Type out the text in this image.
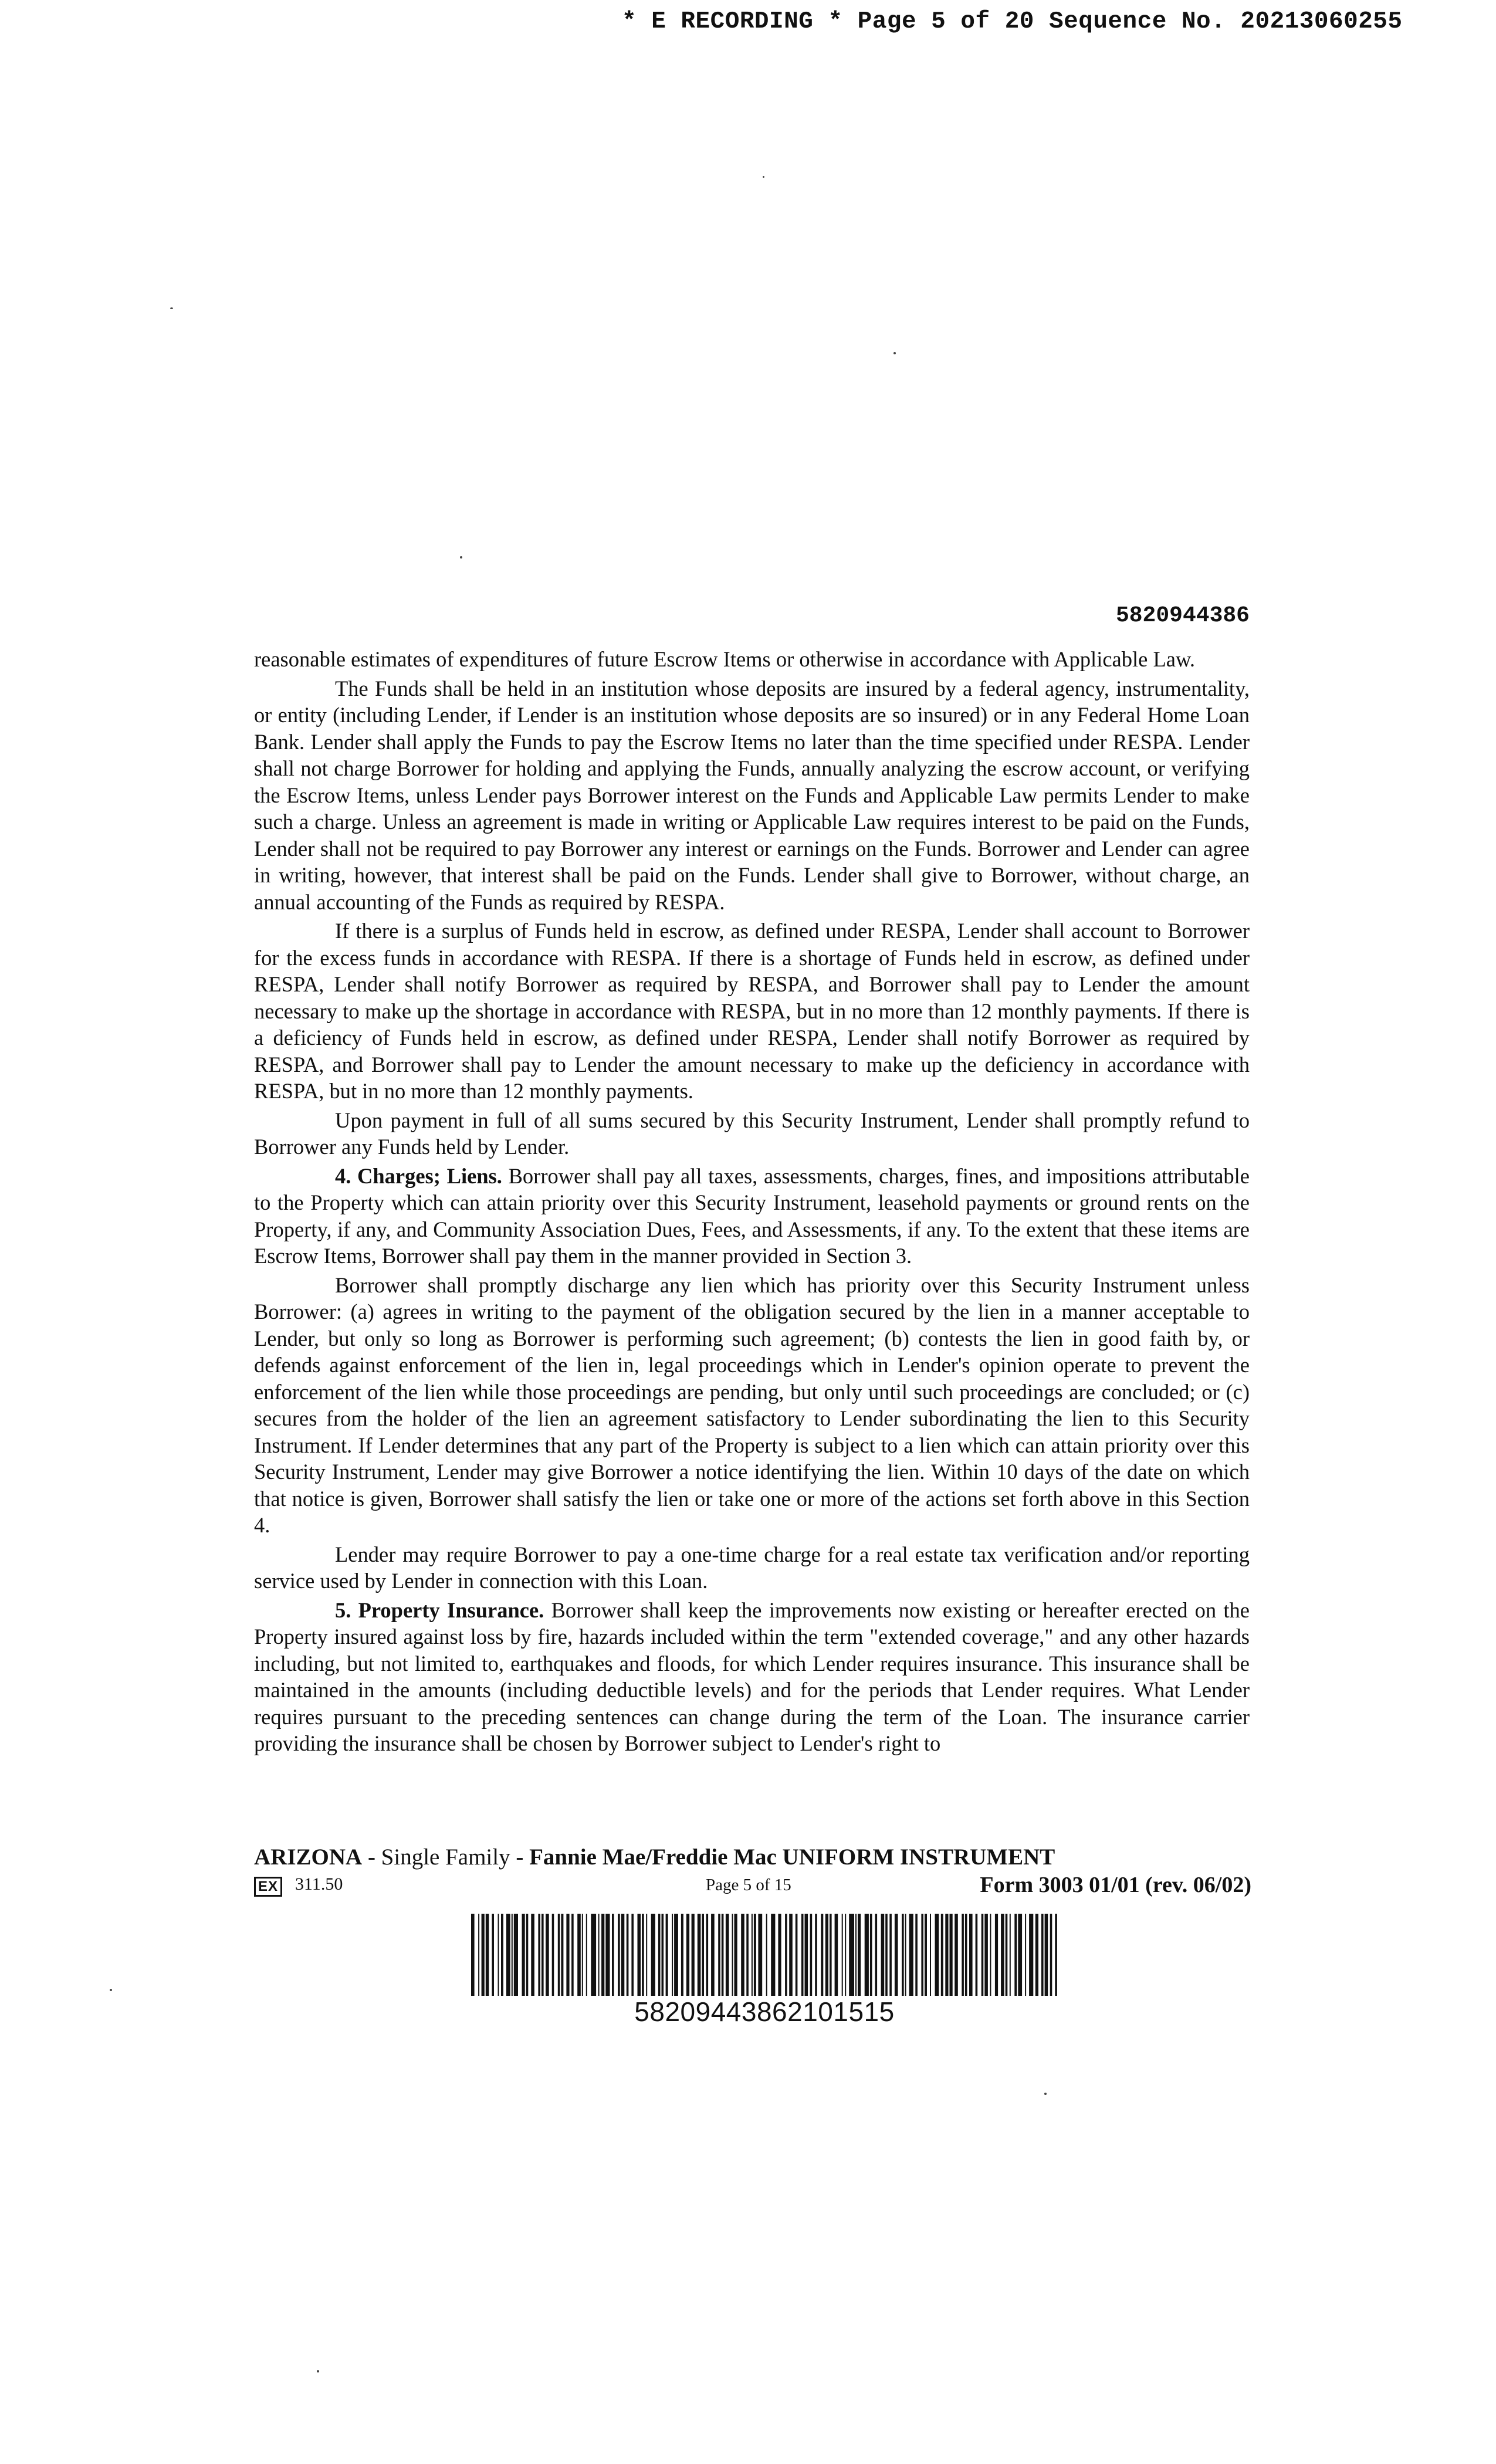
* E RECORDING * Page 5 of 20 Sequence No. 20213060255
5820944386

reasonable estimates of expenditures of future Escrow Items or otherwise in accordance with Applicable Law.

The Funds shall be held in an institution whose deposits are insured by a federal agency, instrumentality, or entity (including Lender, if Lender is an institution whose deposits are so insured) or in any Federal Home Loan Bank. Lender shall apply the Funds to pay the Escrow Items no later than the time specified under RESPA. Lender shall not charge Borrower for holding and applying the Funds, annually analyzing the escrow account, or verifying the Escrow Items, unless Lender pays Borrower interest on the Funds and Applicable Law permits Lender to make such a charge. Unless an agreement is made in writing or Applicable Law requires interest to be paid on the Funds, Lender shall not be required to pay Borrower any interest or earnings on the Funds. Borrower and Lender can agree in writing, however, that interest shall be paid on the Funds. Lender shall give to Borrower, without charge, an annual accounting of the Funds as required by RESPA.

If there is a surplus of Funds held in escrow, as defined under RESPA, Lender shall account to Borrower for the excess funds in accordance with RESPA. If there is a shortage of Funds held in escrow, as defined under RESPA, Lender shall notify Borrower as required by RESPA, and Borrower shall pay to Lender the amount necessary to make up the shortage in accordance with RESPA, but in no more than 12 monthly payments. If there is a deficiency of Funds held in escrow, as defined under RESPA, Lender shall notify Borrower as required by RESPA, and Borrower shall pay to Lender the amount necessary to make up the deficiency in accordance with RESPA, but in no more than 12 monthly payments.

Upon payment in full of all sums secured by this Security Instrument, Lender shall promptly refund to Borrower any Funds held by Lender.

4. Charges; Liens. Borrower shall pay all taxes, assessments, charges, fines, and impositions attributable to the Property which can attain priority over this Security Instrument, leasehold payments or ground rents on the Property, if any, and Community Association Dues, Fees, and Assessments, if any. To the extent that these items are Escrow Items, Borrower shall pay them in the manner provided in Section 3.

Borrower shall promptly discharge any lien which has priority over this Security Instrument unless Borrower: (a) agrees in writing to the payment of the obligation secured by the lien in a manner acceptable to Lender, but only so long as Borrower is performing such agreement; (b) contests the lien in good faith by, or defends against enforcement of the lien in, legal proceedings which in Lender's opinion operate to prevent the enforcement of the lien while those proceedings are pending, but only until such proceedings are concluded; or (c) secures from the holder of the lien an agreement satisfactory to Lender subordinating the lien to this Security Instrument. If Lender determines that any part of the Property is subject to a lien which can attain priority over this Security Instrument, Lender may give Borrower a notice identifying the lien. Within 10 days of the date on which that notice is given, Borrower shall satisfy the lien or take one or more of the actions set forth above in this Section 4.

Lender may require Borrower to pay a one-time charge for a real estate tax verification and/or reporting service used by Lender in connection with this Loan.

5. Property Insurance. Borrower shall keep the improvements now existing or hereafter erected on the Property insured against loss by fire, hazards included within the term "extended coverage," and any other hazards including, but not limited to, earthquakes and floods, for which Lender requires insurance. This insurance shall be maintained in the amounts (including deductible levels) and for the periods that Lender requires. What Lender requires pursuant to the preceding sentences can change during the term of the Loan. The insurance carrier providing the insurance shall be chosen by Borrower subject to Lender's right to

ARIZONA - Single Family - Fannie Mae/Freddie Mac UNIFORM INSTRUMENT
EX 311.50	Page 5 of 15	Form 3003 01/01 (rev. 06/02)
58209443862101515
